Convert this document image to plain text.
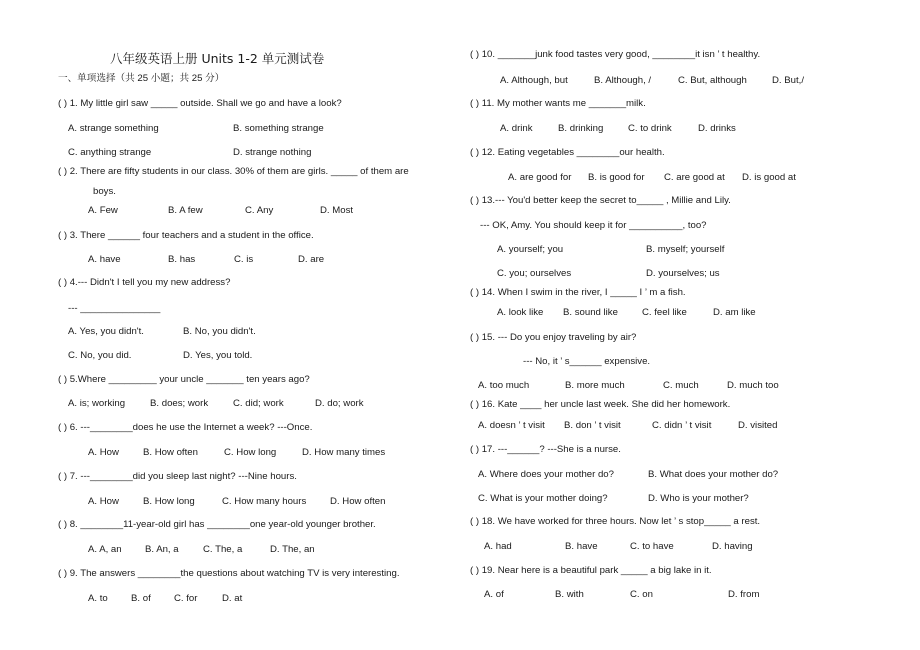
八年级英语上册 Units 1-2 单元测试卷
一、单项选择（共 25 小题；共 25 分）
( ) 1. My little girl saw _____ outside. Shall we go and have a look?
A. strange something	B. something strange
C. anything strange	D. strange nothing
( ) 2. There are fifty students in our class. 30% of them are girls. _____ of them are
boys.
A. Few	B. A few	C. Any	D. Most
( ) 3. There ______ four teachers and a student in the office.
A. have	B. has	C. is	D. are
( ) 4.--- Didn't I tell you my new address?
--- _______________
A. Yes, you didn't.	B. No, you didn't.
C. No, you did.	D. Yes, you told.
( ) 5.Where _________ your uncle _______ ten years ago?
A. is; working	B. does; work	C. did; work	D. do; work
( ) 6. ---________does he use the Internet a week? ---Once.
A. How	B. How often	C. How long	D. How many times
( ) 7. ---________did you sleep last night? ---Nine hours.
A. How	B. How long	C. How many hours D. How often
( ) 8. ________11-year-old girl has ________one year-old younger brother.
A. A, an B. An, a	C. The, a	D. The, an
( ) 9. The answers ________the questions about watching TV is very interesting.
A. to B. of C. for	D. at
( ) 10. _______junk food tastes very good, ________it isn ’ t healthy.
A. Although, but	B. Although, /	C. But, although	D. But,/
( ) 11. My mother wants me _______milk.
A. drink	B. drinking	C. to drink	D. drinks
( ) 12. Eating vegetables ________our health.
A. are good for B. is good for C. are good at D. is good at
( ) 13.--- You'd better keep the secret to_____ , Millie and Lily.
--- OK, Amy. You should keep it for __________, too?
A. yourself; you	B. myself; yourself
C. you; ourselves	D. yourselves; us
( ) 14. When I swim in the river, I _____ I ’ m a fish.
A. look like B. sound like	C. feel like	D. am like
( ) 15. --- Do you enjoy traveling by air?
--- No, it ’ s______ expensive.
A. too much	B. more much	C. much	D. much too
( ) 16. Kate ____ her uncle last week. She did her homework.
A. doesn ’ t visit B. don ’ t visit	C. didn ’ t visit	D. visited
( ) 17. ---______? ---She is a nurse.
A. Where does your mother do?	B. What does your mother do?
C. What is your mother doing?	D. Who is your mother?
( ) 18. We have worked for three hours. Now let ’ s stop_____ a rest.
A. had	B. have	C. to have	D. having
( ) 19. Near here is a beautiful park _____ a big lake in it.
A. of	B. with	C. on	D. from
